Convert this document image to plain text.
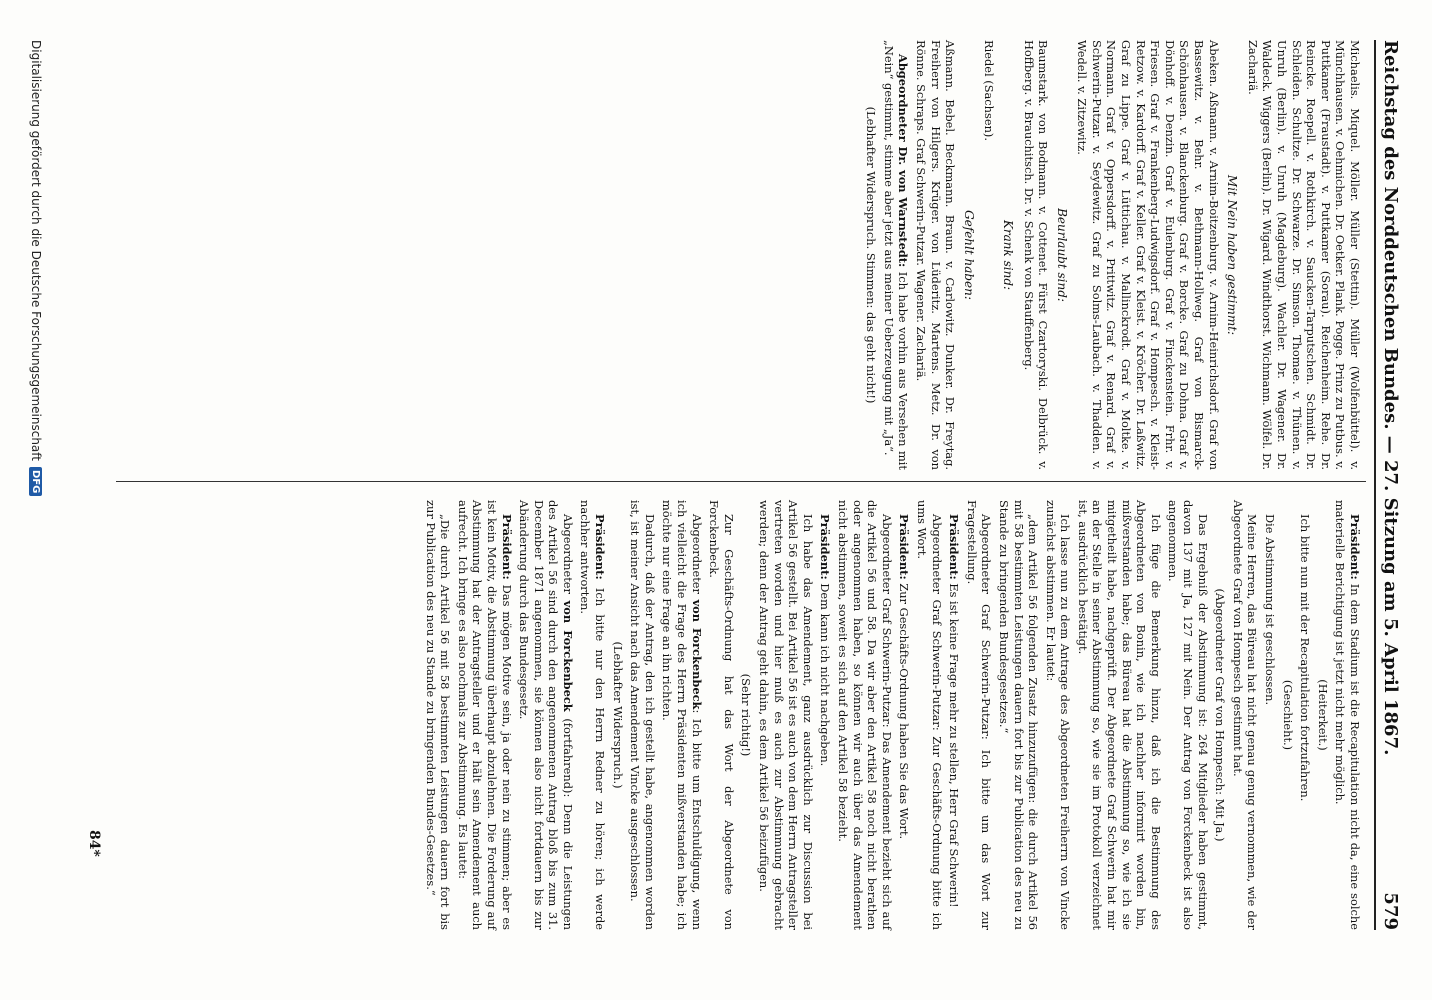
Reichstag des Norddeutschen Bundes. — 27. Sitzung am 5. April 1867.
579

Michaelis. Miquel. Möller. Müller (Stettin). Müller (Wolfenbüttel). v. Münchhausen. v. Oehmichen. Dr. Oetker. Plank. Pogge. Prinz zu Putbus. v. Puttkamer (Fraustadt). v. Puttkamer (Sorau). Reichenheim. Rehe. Dr. Reincke. Roepell. v. Rothkirch. v. Saucken-Tarputschen. Schmidt. Dr. Schleiden. Schultze. Dr. Schwarze. Dr. Simson. Thomae. v. Thünen. v. Unruh (Berlin). v. Unruh (Magdeburg). Wachler. Dr. Wagener. Dr. Waldeck. Wiggers (Berlin). Dr. Wigard. Windthorst. Wichmann. Wölfel. Dr. Zachariä.

Mit Nein haben gestimmt:

Abeken. Aßmann. v. Arnim-Boitzenburg. v. Arnim-Heinrichsdorf. Graf von Bassewitz. v. Behr. v. Bethmann-Hollweg. Graf von Bismarck-Schönhausen. v. Blanckenburg. Graf v. Borcke. Graf zu Dohna. Graf v. Dönhoff. v. Denzin. Graf v. Eulenburg. Graf v. Finckenstein. Frhr. v. Friesen. Graf v. Frankenberg-Ludwigsdorf. Graf v. Hompesch. v. Kleist-Retzow. v. Kardorff. Graf v. Keller. Graf v. Kleist. v. Kröcher. Dr. Laßwitz. Graf zu Lippe. Graf v. Lüttichau. v. Mallinckrodt. Graf v. Moltke. v. Normann. Graf v. Oppersdorff. v. Prittwitz. Graf v. Renard. Graf v. Schwerin-Putzar. v. Seydewitz. Graf zu Solms-Laubach. v. Thadden. v. Wedell. v. Zitzewitz.

Beurlaubt sind:

Baumstark. von Bodmann. v. Cottenet. Fürst Czartoryski. Delbrück. v. Hoffberg. v. Brauchitsch. Dr. v. Schenk von Stauffenberg.

Krank sind:

Riedel (Sachsen).

Gefehlt haben:

Aßmann. Bebel. Beckmann. Braun. v. Carlowitz. Dunker. Dr. Freytag. Freiherr von Hilgers. Krüger. von Lüderitz. Martens. Metz. Dr. von Rönne. Schraps. Graf Schwerin-Putzar. Wagener. Zachariä.

Abgeordneter Dr. von Warnstedt: Ich habe vorhin aus Versehen mit „Nein“ gestimmt, stimme aber jetzt aus meiner Ueberzeugung mit „Ja“.

(Lebhafter Widerspruch. Stimmen: das geht nicht!)

Präsident: In dem Stadium ist die Recapitulation nicht da, eine solche materielle Berichtigung ist jetzt nicht mehr möglich.

(Heiterkeit.)

Ich bitte nun mit der Recapitulation fortzufahren.

(Geschieht.)

Die Abstimmung ist geschlossen.

Meine Herren, das Büreau hat nicht genau genug vernommen, wie der Abgeordnete Graf von Hompesch gestimmt hat.

(Abgeordneter Graf von Hompesch: Mit Ja.)

Das Ergebniß der Abstimmung ist: 264 Mitglieder haben gestimmt, davon 137 mit Ja, 127 mit Nein. Der Antrag von Forckenbeck ist also angenommen.

Ich füge die Bemerkung hinzu, daß ich die Bestimmung des Abgeordneten von Bonin, wie ich nachher informirt worden bin, mißverstanden habe; das Büreau hat die Abstimmung so, wie ich sie mitgetheilt habe, nachgeprüft. Der Abgeordnete Graf Schwerin hat mir an der Stelle in seiner Abstimmung so, wie sie im Protokoll verzeichnet ist, ausdrücklich bestätigt.

Ich lasse nun zu dem Antrage des Abgeordneten Freiherrn von Vincke zunächst abstimmen. Er lautet:

„dem Artikel 56 folgenden Zusatz hinzuzufügen: die durch Artikel 56 mit 58 bestimmten Leistungen dauern fort bis zur Publication des neu zu Stande zu bringenden Bundesgesetzes.“

Abgeordneter Graf Schwerin-Putzar: Ich bitte um das Wort zur Fragestellung.

Präsident: Es ist keine Frage mehr zu stellen, Herr Graf Schwerin!

Abgeordneter Graf Schwerin-Putzar: Zur Geschäfts-Ordnung bitte ich ums Wort.

Präsident: Zur Geschäfts-Ordnung haben Sie das Wort.

Abgeordneter Graf Schwerin-Putzar: Das Amendement bezieht sich auf die Artikel 56 und 58. Da wir aber den Artikel 58 noch nicht berathen oder angenommen haben, so können wir auch über das Amendement nicht abstimmen, soweit es sich auf den Artikel 58 bezieht.

Präsident: Dem kann ich nicht nachgeben.

Ich habe das Amendement, ganz ausdrücklich zur Discussion bei Artikel 56 gestellt. Bei Artikel 56 ist es auch von dem Herrn Antragsteller vertreten worden und hier muß es auch zur Abstimmung gebracht werden; denn der Antrag geht dahin, es dem Artikel 56 beizufügen.

(Sehr richtig!)

Zur Geschäfts-Ordnung hat das Wort der Abgeordnete von Forckenbeck.

Abgeordneter von Forckenbeck: Ich bitte um Entschuldigung, wenn ich vielleicht die Frage des Herrn Präsidenten mißverstanden habe; ich möchte nur eine Frage an ihn richten.

Dadurch, daß der Antrag, den ich gestellt habe, angenommen worden ist, ist meiner Ansicht nach das Amendement Vincke ausgeschlossen.

(Lebhafter Widerspruch.)

Präsident: Ich bitte nur den Herrn Redner zu hören; ich werde nachher antworten.

Abgeordneter von Forckenbeck (fortfahrend): Denn die Leistungen des Artikel 56 sind durch den angenommenen Antrag bloß bis zum 31. December 1871 angenommen, sie können also nicht fortdauern bis zur Abänderung durch das Bundesgesetz.

Präsident: Das mögen Motive sein, ja oder nein zu stimmen; aber es ist kein Motiv, die Abstimmung überhaupt abzulehnen. Die Forderung auf Abstimmung hat der Antragsteller und er hält sein Amendement auch aufrecht. Ich bringe es also nochmals zur Abstimmung. Es lautet:

„Die durch Artikel 56 mit 58 bestimmten Leistungen dauern fort bis zur Publication des neu zu Stande zu bringenden Bundes-Gesetzes.“

84*
Digitalisierung gefördert durch die Deutsche Forschungsgemeinschaft
DFG
